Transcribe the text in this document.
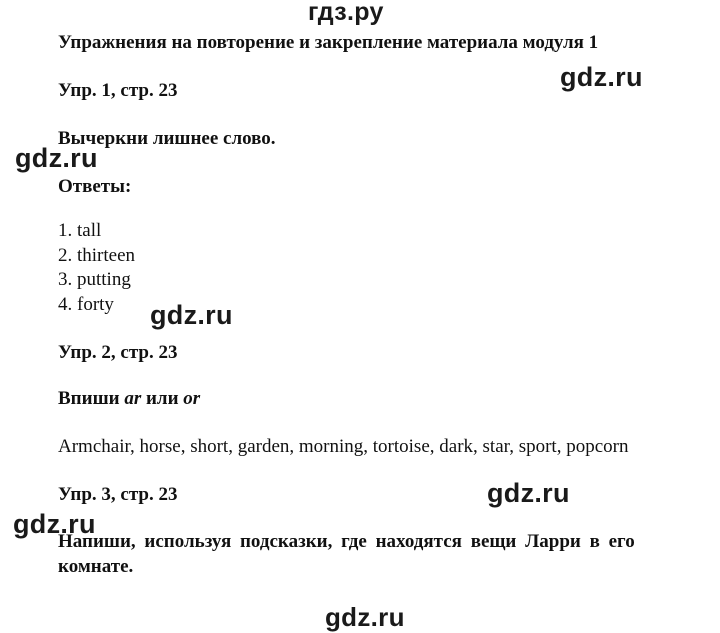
гдз.ру
gdz.ru
gdz.ru
gdz.ru
gdz.ru
gdz.ru
gdz.ru
Упражнения на повторение и закрепление материала модуля 1
Упр. 1, стр. 23
Вычеркни лишнее слово.
Ответы:
1. tall
2. thirteen
3. putting
4. forty
Упр. 2, стр. 23
Впиши ar или or
Armchair, horse, short, garden, morning, tortoise, dark, star, sport, popcorn
Упр. 3, стр. 23
Напиши, используя подсказки, где находятся вещи Ларри в его
комнате.
